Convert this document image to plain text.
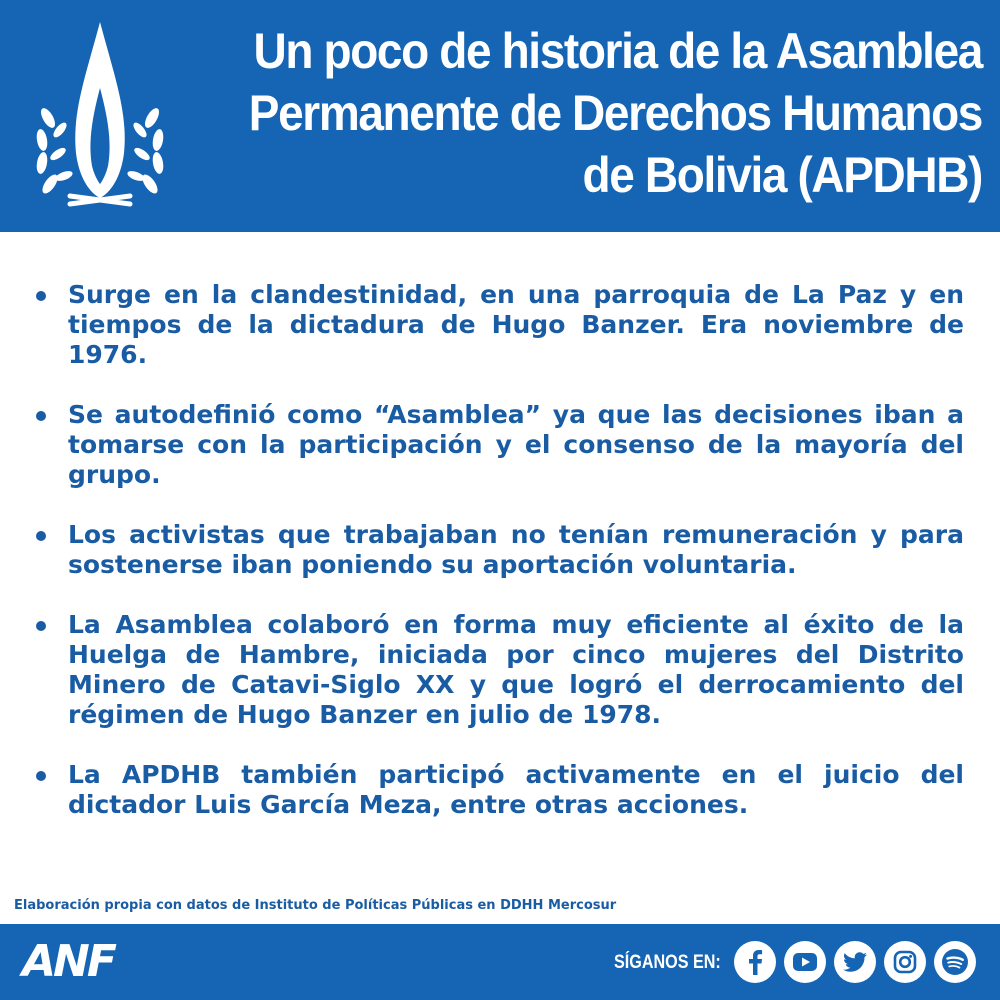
Un poco de historia de la Asamblea
Permanente de Derechos Humanos
de Bolivia (APDHB)
Surge en la clandestinidad, en una parroquia de La Paz y en tiempos de la dictadura de Hugo Banzer. Era noviembre de 1976.
Se autodefinió como “Asamblea” ya que las decisiones iban a tomarse con la participación y el consenso de la mayoría del grupo.
Los activistas que trabajaban no tenían remuneración y para sostenerse iban poniendo su aportación voluntaria.
La Asamblea colaboró en forma muy eficiente al éxito de la Huelga de Hambre, iniciada por cinco mujeres del Distrito Minero de Catavi-Siglo XX y que logró el derrocamiento del régimen de Hugo Banzer en julio de 1978.
La APDHB también participó activamente en el juicio del dictador Luis García Meza, entre otras acciones.
Elaboración propia con datos de Instituto de Políticas Públicas en DDHH Mercosur
ANF	SÍGANOS EN:
